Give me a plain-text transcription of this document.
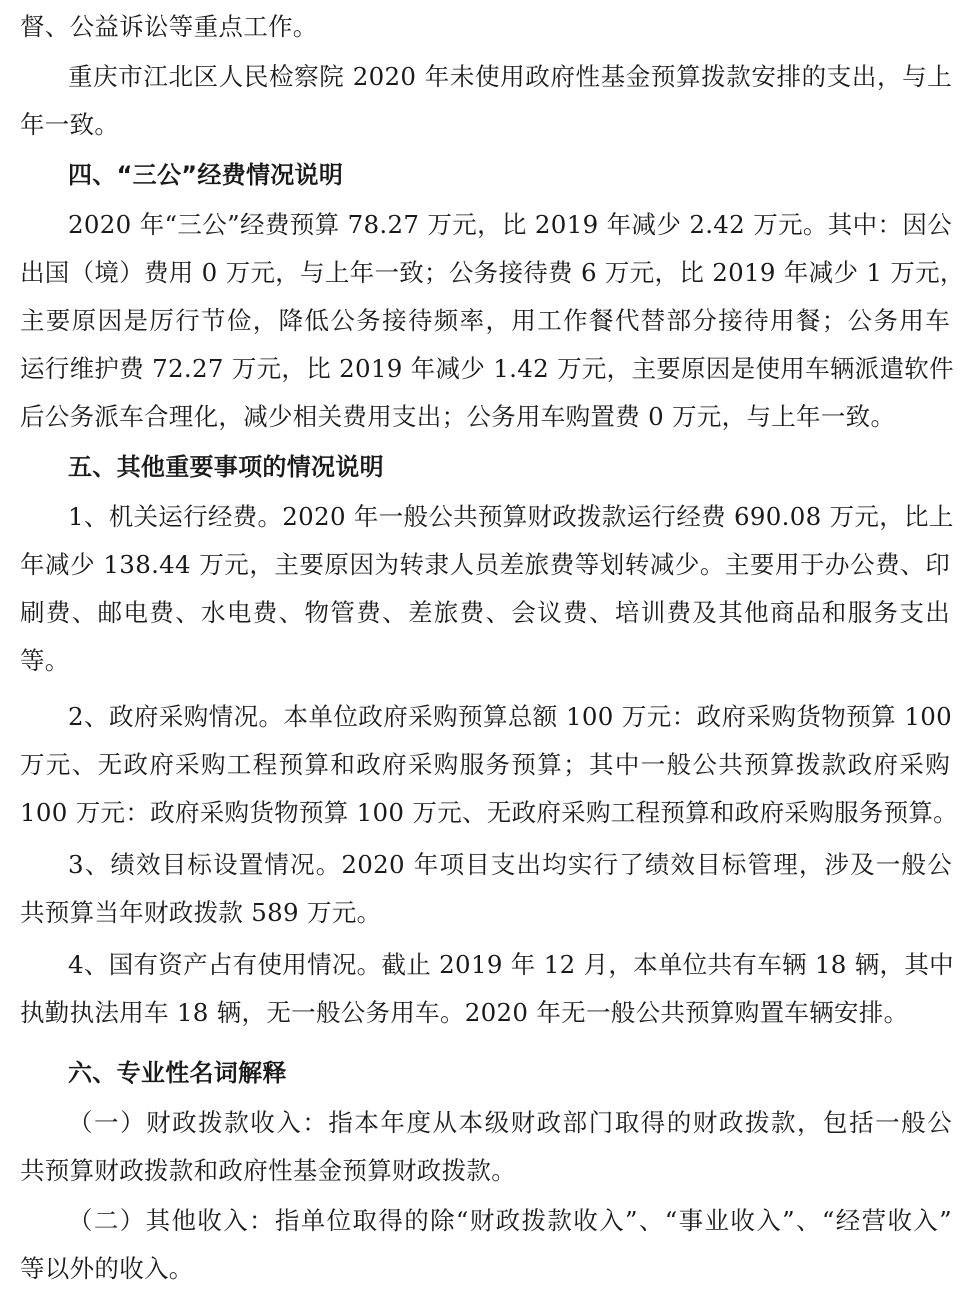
督、公益诉讼等重点工作。
重庆市江北区人民检察院 2020 年未使用政府性基金预算拨款安排的支出，与上
年一致。
四、“三公”经费情况说明
2020 年“三公”经费预算 78.27 万元，比 2019 年减少 2.42 万元。其中：因公
出国（境）费用 0 万元，与上年一致；公务接待费 6 万元，比 2019 年减少 1 万元，
主要原因是厉行节俭，降低公务接待频率，用工作餐代替部分接待用餐；公务用车
运行维护费 72.27 万元，比 2019 年减少 1.42 万元，主要原因是使用车辆派遣软件
后公务派车合理化，减少相关费用支出；公务用车购置费 0 万元，与上年一致。
五、其他重要事项的情况说明
1、机关运行经费。2020 年一般公共预算财政拨款运行经费 690.08 万元，比上
年减少 138.44 万元，主要原因为转隶人员差旅费等划转减少。主要用于办公费、印
刷费、邮电费、水电费、物管费、差旅费、会议费、培训费及其他商品和服务支出
等。
2、政府采购情况。本单位政府采购预算总额 100 万元：政府采购货物预算 100
万元、无政府采购工程预算和政府采购服务预算；其中一般公共预算拨款政府采购
100 万元：政府采购货物预算 100 万元、无政府采购工程预算和政府采购服务预算。
3、绩效目标设置情况。2020 年项目支出均实行了绩效目标管理，涉及一般公
共预算当年财政拨款 589 万元。
4、国有资产占有使用情况。截止 2019 年 12 月，本单位共有车辆 18 辆，其中
执勤执法用车 18 辆，无一般公务用车。2020 年无一般公共预算购置车辆安排。
六、专业性名词解释
（一）财政拨款收入：指本年度从本级财政部门取得的财政拨款，包括一般公
共预算财政拨款和政府性基金预算财政拨款。
（二）其他收入：指单位取得的除“财政拨款收入”、“事业收入”、“经营收入”
等以外的收入。
